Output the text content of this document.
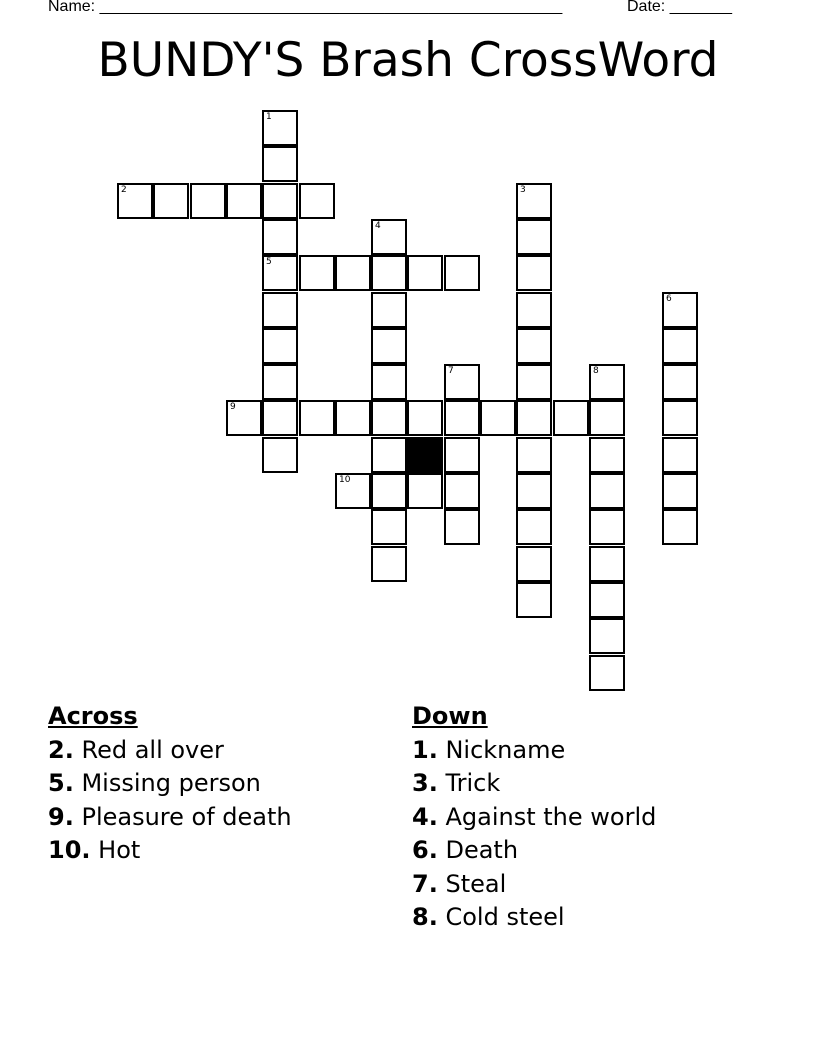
Name: ____________________________________________________	Date: _______
BUNDY'S Brash CrossWord
1
2	3
4
5
6
7	8
9
10
Across
2. Red all over
5. Missing person
9. Pleasure of death
10. Hot
Down
1. Nickname
3. Trick
4. Against the world
6. Death
7. Steal
8. Cold steel
